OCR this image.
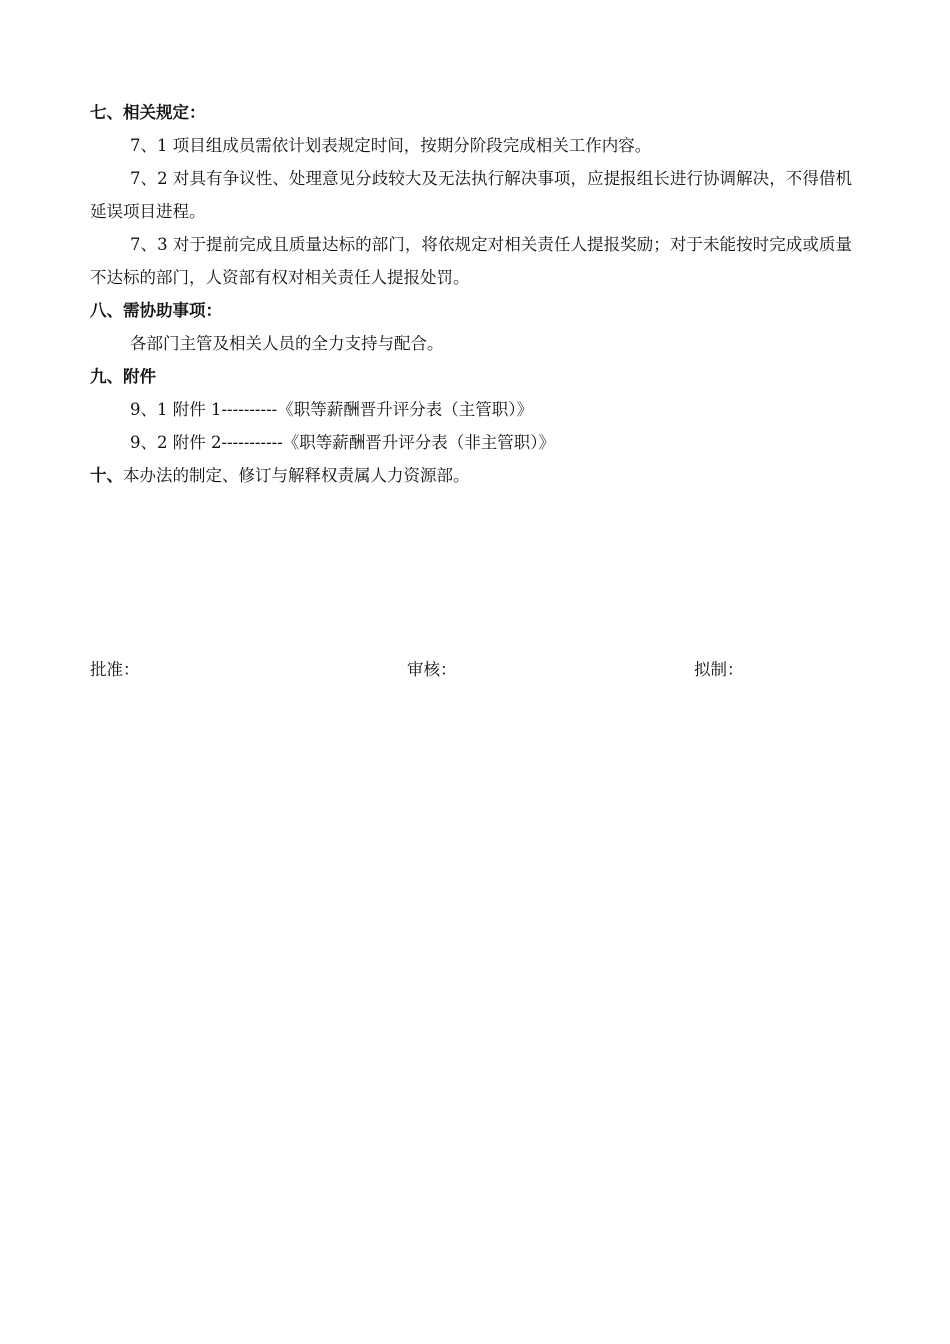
七、相关规定：
7、1 项目组成员需依计划表规定时间，按期分阶段完成相关工作内容。
7、2 对具有争议性、处理意见分歧较大及无法执行解决事项，应提报组长进行协调解决，不得借机延误项目进程。
7、3 对于提前完成且质量达标的部门，将依规定对相关责任人提报奖励；对于未能按时完成或质量不达标的部门，人资部有权对相关责任人提报处罚。
八、需协助事项：
各部门主管及相关人员的全力支持与配合。
九、附件
9、1 附件 1----------《职等薪酬晋升评分表（主管职）》
9、2 附件 2-----------《职等薪酬晋升评分表（非主管职）》
十、本办法的制定、修订与解释权责属人力资源部。
批准：	审核：	拟制：
